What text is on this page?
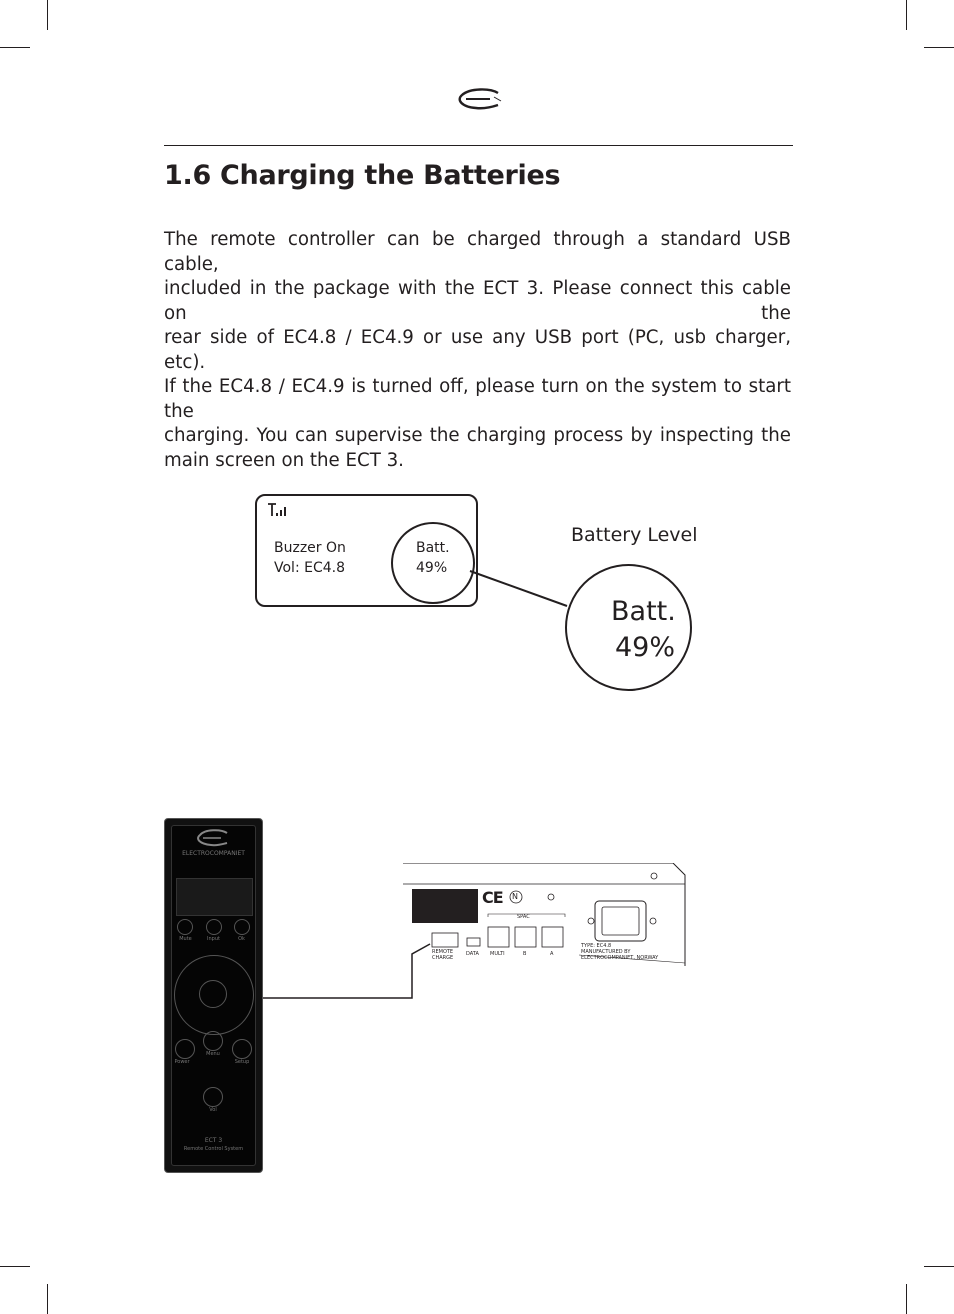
1.6 Charging the Batteries

The remote controller can be charged through a standard USB cable,

included in the package with the ECT 3. Please connect this cable on the

rear side of EC4.8 / EC4.9 or use any USB port (PC, usb charger, etc).

If the EC4.8 / EC4.9 is turned off, please turn on the system to start the

charging. You can supervise the charging process by inspecting the

main screen on the ECT 3.

Buzzer On
Vol: EC4.8
Batt.
49%
Battery Level
Batt.
49%
ELECTROCOMPANIET
Mute	Input	Ok
Power
Menu
Setup
Vol
ECT 3
Remote Control System
CE N
SPAC
REMOTE
CHARGE
DATA MULTI	B	A
TYPE: EC4.8
MANUFACTURED BY
ELECTROCOMPANIET, NORWAY
